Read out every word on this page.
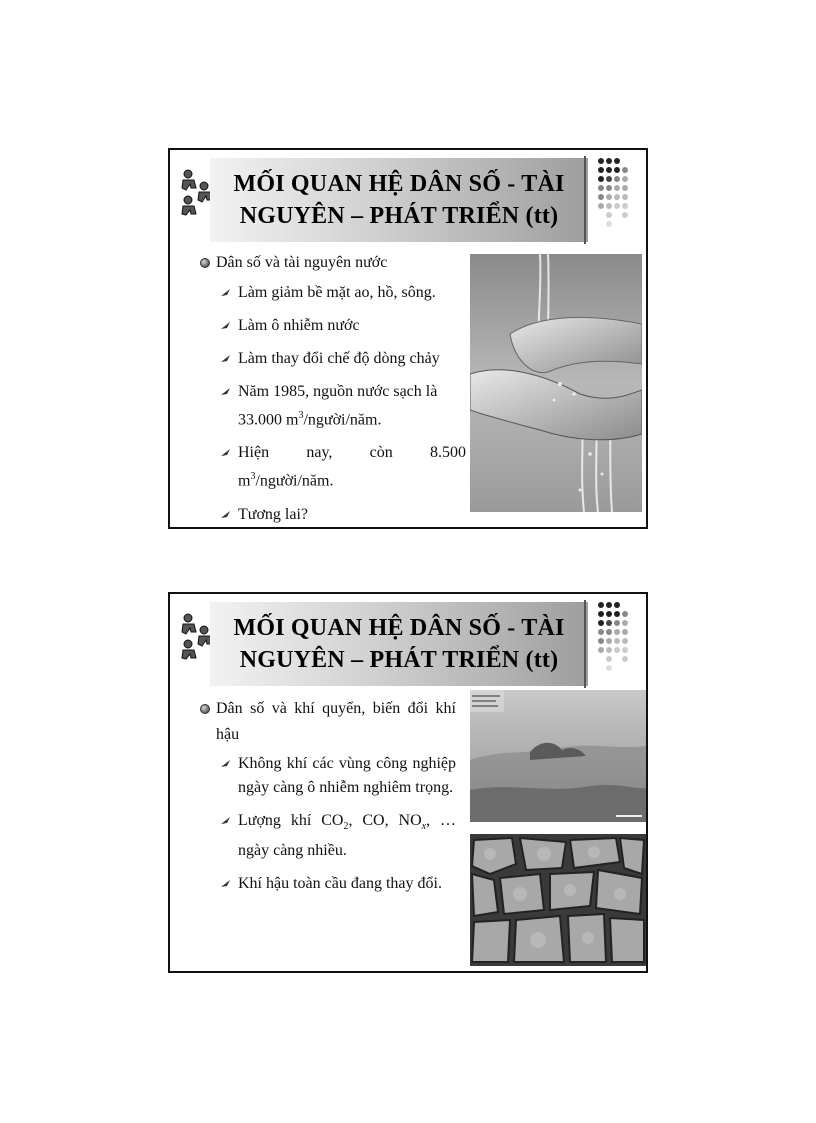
MỐI QUAN HỆ DÂN SỐ - TÀI
NGUYÊN – PHÁT TRIỂN (tt)
Dân số và tài nguyên nước
Làm giảm bề mặt ao, hồ, sông.
Làm ô nhiễm nước
Làm thay đổi chế độ dòng chảy
Năm 1985, nguồn nước sạch là
33.000 $m^3/người$/năm.
Hiện nay, còn 8.500
$m^3/người$/năm.
Tương lai?
MỐI QUAN HỆ DÂN SỐ - TÀI
NGUYÊN – PHÁT TRIỂN (tt)
Dân số và khí quyển, biến đổi khí hậu
Không khí các vùng công nghiệp ngày càng ô nhiễm nghiêm trọng.
Lượng khí $CO_2$, CO, $NO_x$, … ngày càng nhiều.
Khí hậu toàn cầu đang thay đổi.
